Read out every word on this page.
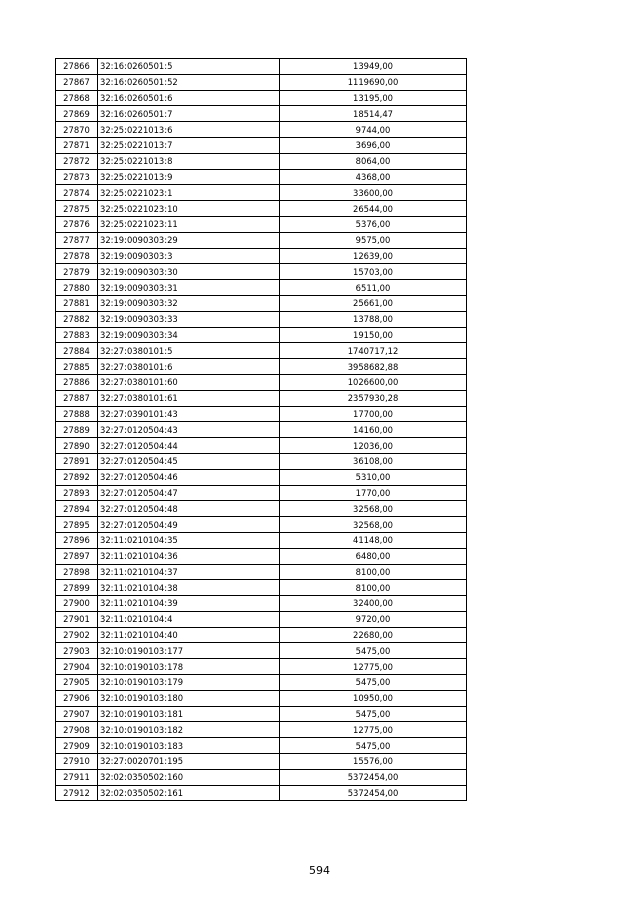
27866	32:16:0260501:5	13949,00
27867	32:16:0260501:52	1119690,00
27868	32:16:0260501:6	13195,00
27869	32:16:0260501:7	18514,47
27870	32:25:0221013:6	9744,00
27871	32:25:0221013:7	3696,00
27872	32:25:0221013:8	8064,00
27873	32:25:0221013:9	4368,00
27874	32:25:0221023:1	33600,00
27875	32:25:0221023:10	26544,00
27876	32:25:0221023:11	5376,00
27877	32:19:0090303:29	9575,00
27878	32:19:0090303:3	12639,00
27879	32:19:0090303:30	15703,00
27880	32:19:0090303:31	6511,00
27881	32:19:0090303:32	25661,00
27882	32:19:0090303:33	13788,00
27883	32:19:0090303:34	19150,00
27884	32:27:0380101:5	1740717,12
27885	32:27:0380101:6	3958682,88
27886	32:27:0380101:60	1026600,00
27887	32:27:0380101:61	2357930,28
27888	32:27:0390101:43	17700,00
27889	32:27:0120504:43	14160,00
27890	32:27:0120504:44	12036,00
27891	32:27:0120504:45	36108,00
27892	32:27:0120504:46	5310,00
27893	32:27:0120504:47	1770,00
27894	32:27:0120504:48	32568,00
27895	32:27:0120504:49	32568,00
27896	32:11:0210104:35	41148,00
27897	32:11:0210104:36	6480,00
27898	32:11:0210104:37	8100,00
27899	32:11:0210104:38	8100,00
27900	32:11:0210104:39	32400,00
27901	32:11:0210104:4	9720,00
27902	32:11:0210104:40	22680,00
27903	32:10:0190103:177	5475,00
27904	32:10:0190103:178	12775,00
27905	32:10:0190103:179	5475,00
27906	32:10:0190103:180	10950,00
27907	32:10:0190103:181	5475,00
27908	32:10:0190103:182	12775,00
27909	32:10:0190103:183	5475,00
27910	32:27:0020701:195	15576,00
27911	32:02:0350502:160	5372454,00
27912	32:02:0350502:161	5372454,00
594
